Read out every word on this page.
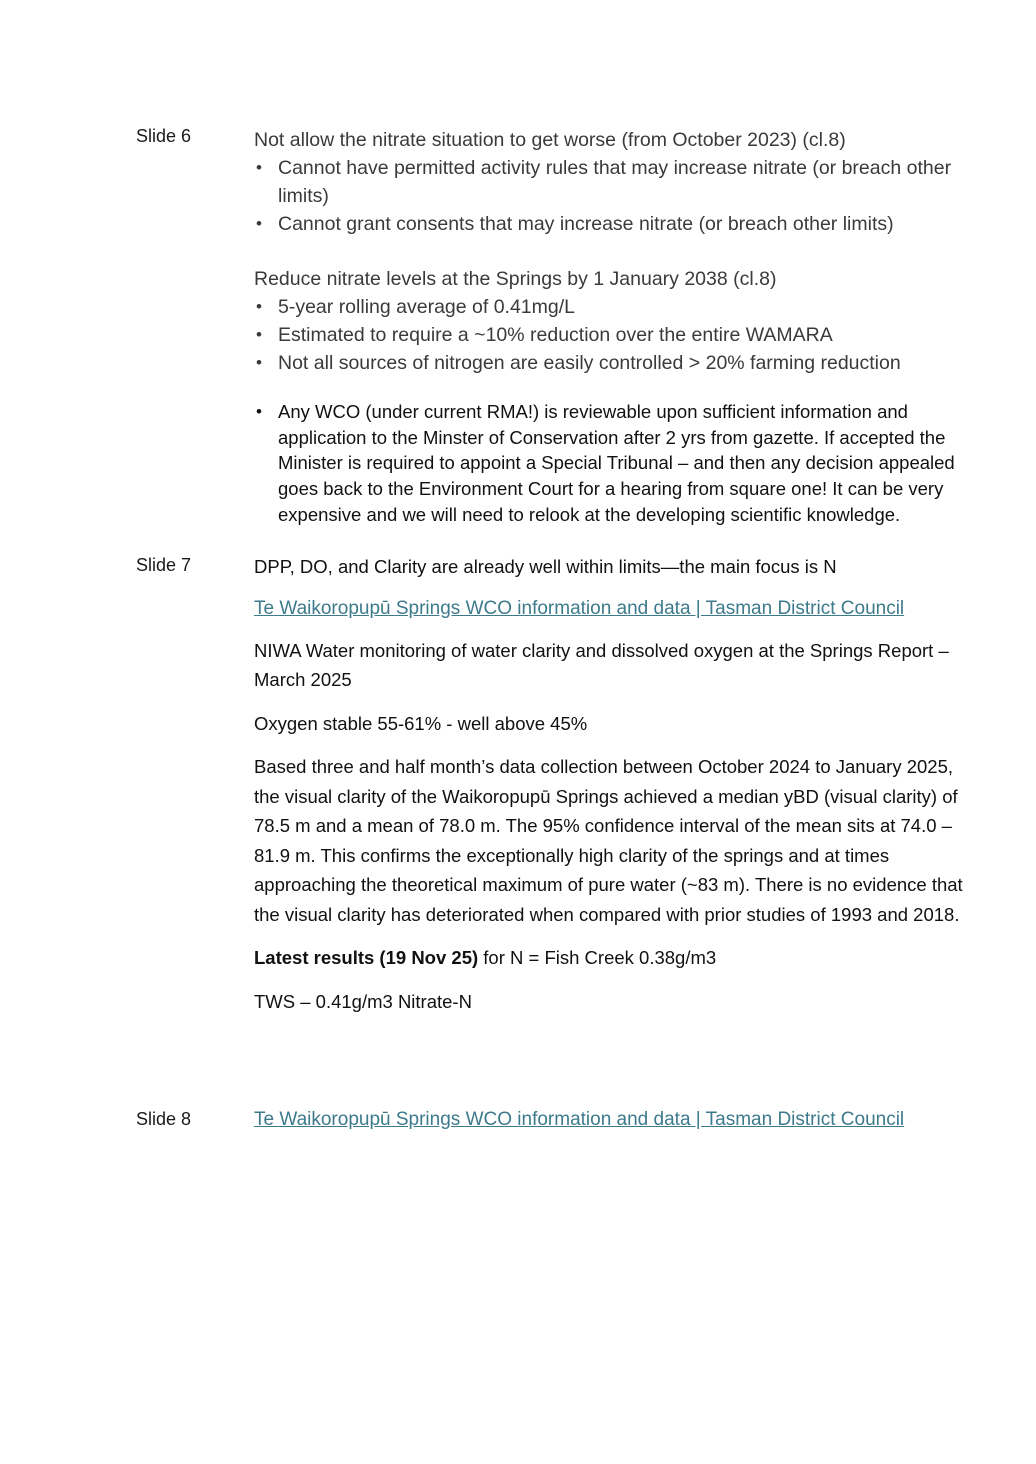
Slide 6	Not allow the nitrate situation to get worse (from October 2023) (cl.8)
• Cannot have permitted activity rules that may increase nitrate (or breach other limits)
• Cannot grant consents that may increase nitrate (or breach other limits)
Reduce nitrate levels at the Springs by 1 January 2038 (cl.8)
• 5-year rolling average of 0.41mg/L
• Estimated to require a ~10% reduction over the entire WAMARA
• Not all sources of nitrogen are easily controlled > 20% farming reduction
• Any WCO (under current RMA!) is reviewable upon sufficient information and application to the Minster of Conservation after 2 yrs from gazette. If accepted the Minister is required to appoint a Special Tribunal – and then any decision appealed goes back to the Environment Court for a hearing from square one! It can be very expensive and we will need to relook at the developing scientific knowledge.
Slide 7	DPP, DO, and Clarity are already well within limits—the main focus is N

Te Waikoropupū Springs WCO information and data | Tasman District Council

NIWA Water monitoring of water clarity and dissolved oxygen at the Springs Report – March 2025

Oxygen stable 55-61% - well above 45%

Based three and half month’s data collection between October 2024 to January 2025, the visual clarity of the Waikoropupū Springs achieved a median yBD (visual clarity) of 78.5 m and a mean of 78.0 m. The 95% confidence interval of the mean sits at 74.0 – 81.9 m. This confirms the exceptionally high clarity of the springs and at times approaching the theoretical maximum of pure water (~83 m). There is no evidence that the visual clarity has deteriorated when compared with prior studies of 1993 and 2018.

Latest results (19 Nov 25) for N = Fish Creek 0.38g/m3

TWS – 0.41g/m3 Nitrate-N

Slide 8	Te Waikoropupū Springs WCO information and data | Tasman District Council
